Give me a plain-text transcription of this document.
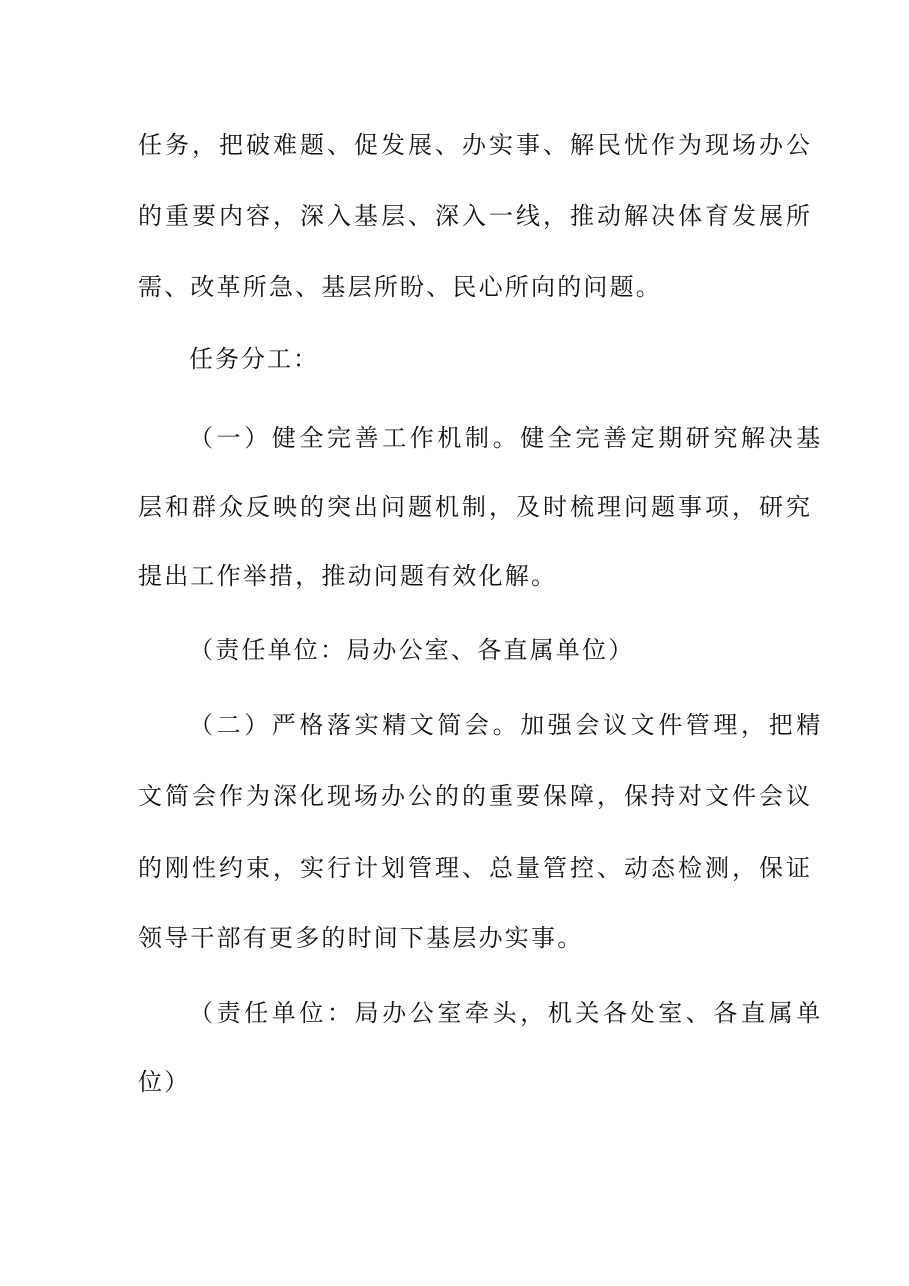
任务，把破难题、促发展、办实事、解民忧作为现场办公
的重要内容，深入基层、深入一线，推动解决体育发展所
需、改革所急、基层所盼、民心所向的问题。
任务分工：
（一）健全完善工作机制。健全完善定期研究解决基
层和群众反映的突出问题机制，及时梳理问题事项，研究
提出工作举措，推动问题有效化解。
（责任单位：局办公室、各直属单位）
（二）严格落实精文简会。加强会议文件管理，把精
文简会作为深化现场办公的的重要保障，保持对文件会议
的刚性约束，实行计划管理、总量管控、动态检测，保证
领导干部有更多的时间下基层办实事。
（责任单位：局办公室牵头，机关各处室、各直属单
位）
